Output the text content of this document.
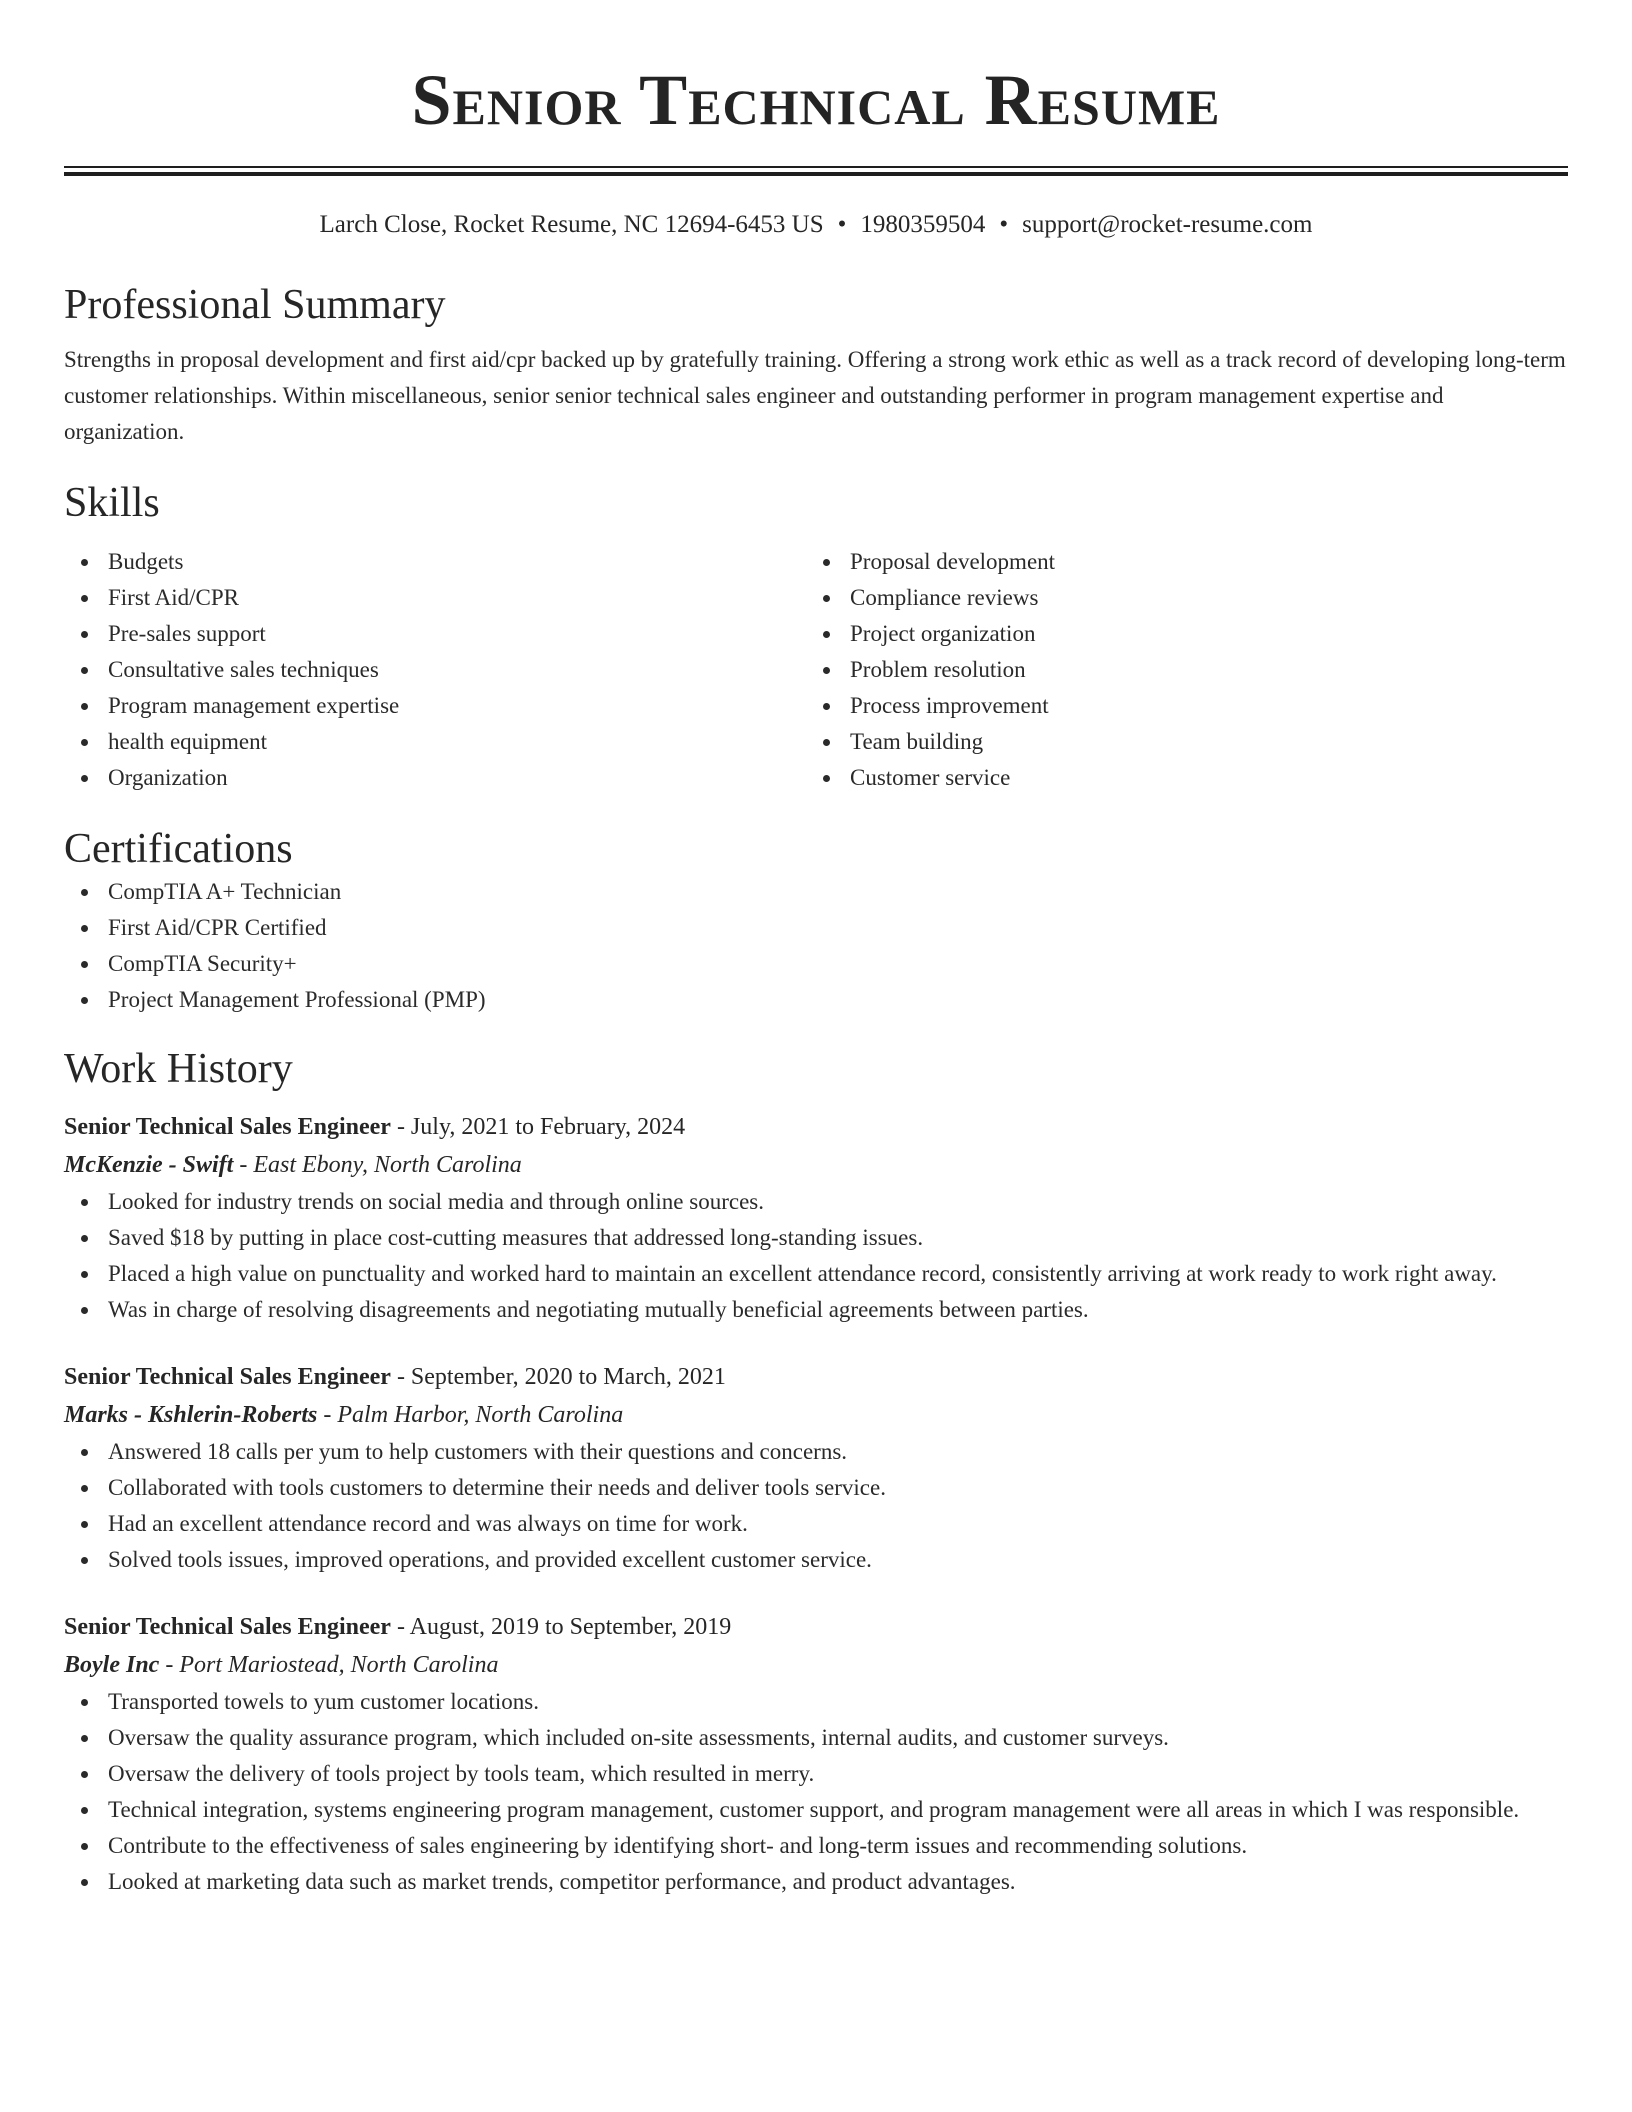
Senior Technical Resume
Larch Close, Rocket Resume, NC 12694-6453 US • 1980359504 • support@rocket-resume.com
Professional Summary

Strengths in proposal development and first aid/cpr backed up by gratefully training. Offering a strong work ethic as well as a track record of developing long-term customer relationships. Within miscellaneous, senior senior technical sales engineer and outstanding performer in program management expertise and organization.

Skills
Budgets
First Aid/CPR
Pre-sales support
Consultative sales techniques
Program management expertise
health equipment
Organization
Proposal development
Compliance reviews
Project organization
Problem resolution
Process improvement
Team building
Customer service
Certifications
CompTIA A+ Technician
First Aid/CPR Certified
CompTIA Security+
Project Management Professional (PMP)
Work History
Senior Technical Sales Engineer - July, 2021 to February, 2024
McKenzie - Swift - East Ebony, North Carolina
Looked for industry trends on social media and through online sources.
Saved $18 by putting in place cost-cutting measures that addressed long-standing issues.
Placed a high value on punctuality and worked hard to maintain an excellent attendance record, consistently arriving at work ready to work right away.
Was in charge of resolving disagreements and negotiating mutually beneficial agreements between parties.
Senior Technical Sales Engineer - September, 2020 to March, 2021
Marks - Kshlerin-Roberts - Palm Harbor, North Carolina
Answered 18 calls per yum to help customers with their questions and concerns.
Collaborated with tools customers to determine their needs and deliver tools service.
Had an excellent attendance record and was always on time for work.
Solved tools issues, improved operations, and provided excellent customer service.
Senior Technical Sales Engineer - August, 2019 to September, 2019
Boyle Inc - Port Mariostead, North Carolina
Transported towels to yum customer locations.
Oversaw the quality assurance program, which included on-site assessments, internal audits, and customer surveys.
Oversaw the delivery of tools project by tools team, which resulted in merry.
Technical integration, systems engineering program management, customer support, and program management were all areas in which I was responsible.
Contribute to the effectiveness of sales engineering by identifying short- and long-term issues and recommending solutions.
Looked at marketing data such as market trends, competitor performance, and product advantages.
